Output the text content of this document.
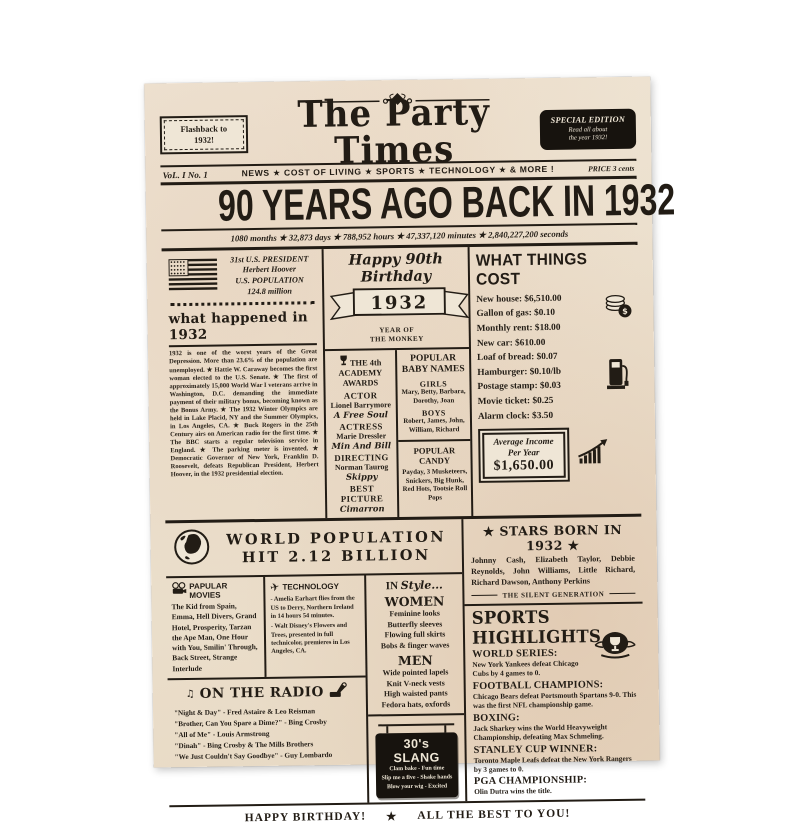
Flashback to
1932!
The Party Times
SPECIAL EDITION
Read all about
the year 1932!
VoL. I No. 1	NEWS ★ COST OF LIVING ★ SPORTS ★ TECHNOLOGY ★ & MORE !	PRICE 3 cents
90 YEARS AGO BACK IN 1932
1080 months ★ 32,873 days ★ 788,952 hours ★ 47,337,120 minutes ★ 2,840,227,200 seconds
31st U.S. PRESIDENT
Herbert Hoover
U.S. POPULATION
124.8 million
what happened in 1932
1932 is one of the worst years of the Great Depression. More than 23.6% of the population are unemployed. ★ Hattie W. Caraway becomes the first woman elected to the U.S. Senate. ★ The first of approximately 15,000 World War I veterans arrive in Washington, D.C. demanding the immediate payment of their military bonus, becoming known as the Bonus Army. ★ The 1932 Winter Olympics are held in Lake Placid, NY and the Summer Olympics, in Los Angeles, CA. ★ Buck Rogers in the 25th Century airs on American radio for the first time. ★ The BBC starts a regular television service in England. ★ The parking meter is invented. ★ Democratic Governor of New York, Franklin D. Roosevelt, defeats Republican President, Herbert Hoover, in the 1932 presidential election.
Happy 90th Birthday
1932
YEAR OF
THE MONKEY
THE 4th ACADEMY
AWARDS
ACTOR
Lionel Barrymore
A Free Soul
ACTRESS
Marie Dressler
Min And Bill
DIRECTING
Norman Taurog
Skippy
BEST PICTURE
Cimarron
POPULAR
BABY NAMES
GIRLS
Mary, Betty, Barbara, Dorothy, Joan
BOYS
Robert, James, John, William, Richard
POPULAR CANDY
Payday, 3 Musketeers, Snickers, Big Hunk, Red Hots, Tootsie Roll Pops
WHAT THINGS COST
$
New house: $6,510.00
Gallon of gas: $0.10
Monthly rent: $18.00
New car: $610.00
Loaf of bread: $0.07
Hamburger: $0.10/lb
Postage stamp: $0.03
Movie ticket: $0.25
Alarm clock: $3.50
Average Income
Per Year
$1,650.00
WORLD POPULATION
HIT 2.12 BILLION
PAPULAR MOVIES
The Kid from Spain, Emma, Hell Divers, Grand Hotel, Prosperity, Tarzan the Ape Man, One Hour with You, Smilin' Through, Back Street, Strange Interlude
✈ TECHNOLOGY
- Amelia Earhart flies from the US to Derry, Northern Ireland in 14 hours 54 minutes.
- Walt Disney's Flowers and Trees, presented in full technicolor, premieres in Los Angeles, CA.
♫ ON THE RADIO
"Night & Day" - Fred Astaire & Leo Reisman
"Brother, Can You Spare a Dime?" - Bing Crosby
"All of Me" - Louis Armstrong
"Dinah" - Bing Crosby & The Mills Brothers
"We Just Couldn't Say Goodbye" - Guy Lombardo
IN Style...
WOMEN
Feminine looks
Butterfly sleeves
Flowing full skirts
Bobs & finger waves
MEN
Wide pointed lapels
Knit V-neck vests
High waisted pants
Fedora hats, oxfords
30's SLANG
Clam bake - Fun time
Slip me a five - Shake hands
Blow your wig - Excited
★ STARS BORN IN 1932 ★
Johnny Cash, Elizabeth Taylor, Debbie Reynolds, John Williams, Little Richard, Richard Dawson, Anthony Perkins
THE SILENT GENERATION
SPORTS HIGHLIGHTS
WORLD SERIES:
New York Yankees defeat Chicago Cubs by 4 games to 0.
FOOTBALL CHAMPIONS:
Chicago Bears defeat Portsmouth Spartans 9-0. This was the first NFL championship game.
BOXING:
Jack Sharkey wins the World Heavyweight Championship, defeating Max Schmeling.
STANLEY CUP WINNER:
Toronto Maple Leafs defeat the New York Rangers by 3 games to 0.
PGA CHAMPIONSHIP:
Olin Dutra wins the title.
HAPPY BIRTHDAY! ★ ALL THE BEST TO YOU!
